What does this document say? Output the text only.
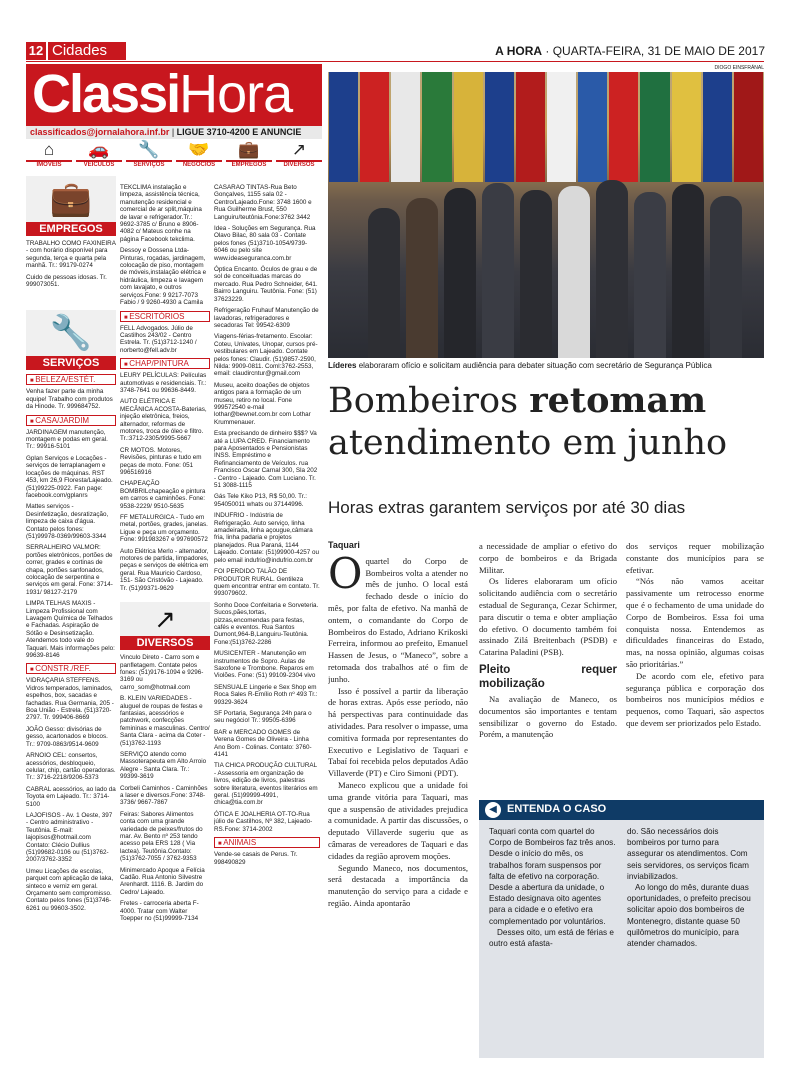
12 Cidades	A HORA · QUARTA-FEIRA, 31 DE MAIO DE 2017
ClassiHora
classificados@jornalahora.inf.br | LIGUE 3710-4200 E ANUNCIE
⌂
IMÓVEIS
🚗
VEÍCULOS
🔧
SERVIÇOS
🤝
NEGÓCIOS
💼
EMPREGOS
↗
DIVERSOS
💼
EMPREGOS

TRABALHO COMO FAXINEIRA - com horário disponível para segunda, terça e quarta pela manhã. Tr.: 99179-0274

Cuido de pessoas idosas. Tr. 999073051.

🔧
SERVIÇOS
■ BELEZA/ESTÉT.

Venha fazer parte da minha equipe! Trabalho com produtos da Hinode. Tr. 999684752.

■ CASA/JARDIM

JARDINAGEM manutenção, montagem e podas em geral. Tr.: 99916-5101

Gplan Serviços e Locações - serviços de terraplanagem e locações de máquinas. RST 453, km 26,9 Floresta/Lajeado. (51)99225-0922. Fan page: facebook.com/gplanrs

Mattes serviços - Desinfetização, desratização, limpeza de caixa d'água. Contato pelos fones: (51)99978-0369/99603-3344

SERRALHEIRO VALMOR: portões eletrônicos, portões de correr, grades e cortinas de chapa, portões sanfonados, colocação de serpentina e serviços em geral. Fone: 3714-1931/ 98127-2179

LIMPA TELHAS MAXIS - Limpeza Profissional com Lavagem Química de Telhados e Fachadas. Aspiração de Sótão e Desinsetização. Atendemos todo vale do Taquari. Mais informações pelo: 99639-8146

■ CONSTR./REF.

VIDRAÇARIA STEFFENS. Vidros temperados, laminados, espelhos, box, sacadas e fachadas. Rua Germania, 205 - Boa União - Estrela. (51)3720-2797. Tr. 999406-8669

JOÃO Gesso: divisórias de gesso, acartonados e blocos. Tr.: 9709-0863/9514-9609

ARNOIO CEL: consertos, acessórios, desbloqueio, celular, chip, cartão operadoras. Tr.: 3716-2218/9206-5373

CABRAL acessórios, ao lado da Toyota em Lajeado. Tr.: 3714-5100

LAJOFISOS - Av. 1 Oeste, 397 - Centro administrativo - Teutônia. E-mail: lajopisos@hotmail.com Contato: Clécio Dullius (51)99682-0106 ou (51)3762-2007/3762-3352

Umeu Licações de escolas, parquet com aplicação de laka, sinteco e verniz em geral. Orçamento sem compromisso. Contato pelos fones (51)3746-6261 ou 99603-3502.

TEKCLIMA instalação e limpeza, assistência técnica, manutenção residencial e comercial de ar split,máquina de lavar e refrigerador.Tr.: 9692-3785 c/ Bruno e 8906-4082 c/ Mateus conhe na página Facebook tekclima.

Dessoy e Dossena Ltda-Pinturas, roçadas, jardinagem, colocação de piso, montagem de móveis,instalação elétrica e hidráulica, limpeza e lavagem com lavajato, e outros serviços.Fone: 9 9217-7073 Fabio / 9 9260-4930 a Camila

■ ESCRITÓRIOS

FELL Advogados. Júlio de Castilhos 243/02 - Centro Estrela. Tr. (51)3712-1240 / norberto@fell.adv.br

■ CHAP/PINTURA

LEURY PELÍCULAS: Películas automotivas e residenciais. Tr.: 3748-7641 ou 99636-8449.

AUTO ELÉTRICA E MECÂNICA ACOSTA-Baterias, injeção eletrônica, freios, alternador, reformas de motores, troca de óleo e filtro. Tr.:3712-2305/9995-5667

CR MOTOS. Motores, Revisões, pinturas e tudo em peças de moto. Fone: 051 996516916

CHAPEAÇÃO BOMBRILchapeação e pintura em carros e caminhões. Fone: 9538-2229/ 9510-5635

FF METALURGICA - Tudo em metal, portões, grades, janelas. Ligue e peça um orçamento. Fone: 991983267 e 997690572

Auto Elétrica Merlo - alternador, motores de partida, limpadores, peças e serviços de elétrica em geral. Rua Mauricio Cardoso, 151- São Cristóvão - Lajeado. Tr. (51)99371-9629

↗
DIVERSOS

Vinculo Direto - Carro som e panfletagem. Contate pelos fones: (51)9176-1094 e 9296-3169 ou carro_som@hotmail.com

B. KLEIN VARIEDADES - aluguel de roupas de festas e fantasias, acessórios e patchwork, confecções femininas e masculinas. Centro/ Santa Clara - acima da Coter - (51)3762-1193

SERVIÇO atendo como Massoterapeuta em Alto Arroio Alegre - Santa Clara. Tr.: 99399-3619

Corbeli Caminhos - Caminhões a laser e diversos.Fone: 3748-3736/ 9667-7867

Feiras: Sabores Alimentos conta com uma grande variedade de peixes/frutos do mar. Av. Bento nº 253 tendo acesso pela ERS 128 ( Via lactea). Teutônia.Contato: (51)3762-7055 / 3762-9353

Minimercado Apoque a Felícia Cadão. Rua Antonio Silvestre Arenhardt. 1116. B. Jardim do Cedro/ Lajeado.

Fretes - carroceria aberta F-4000. Tratar com Walter Toepper no (51)99999-7134

CASARÃO TINTAS-Rua Beto Gonçalves, 1155 sala 02 - Centro/Lajeado.Fone: 3748 1600 e Rua Guilherme Brust, 550 Languiru/teutônia.Fone:3762 3442

Idea - Soluções em Segurança. Rua Olavo Bilac, 80 sala 03 - Contate pelos fones (51)3710-1054/9739-6046 ou pelo site www.ideaseguranca.com.br

Óptica Encanto. Óculos de grau e de sol de conceituadas marcas do mercado. Rua Pedro Schneider, 641. Bairro Languiru. Teutônia. Fone: (51) 37623229.

Refrigeração Fruhauf Manutenção de lavadoras, refrigeradores e secadoras Tel: 99542-6309

Viagens-férias-fretamento. Escolar: Coteu, Univates, Unopar, cursos pré-vestibulares em Lajeado. Contate pelos fones: Claudir. (51)9857-2590, Nilda: 9909-0811. Coml:3762-2553, email: claudircntur@gmail.com

Museu, aceito doações de objetos antigos para a formação de um museu, retiro no local. Fone 999572540 e-mail lothar@bewnet.com.br com Lothar Krummenauer.

Esta precisando de dinheiro $$$? Va até a LUPA CRED. Financiamento para Aposentados e Pensionistas INSS. Empréstimo e Refinanciamento de Veículos. rua Francisco Oscar Carnal 300, Sla 202 - Centro - Lajeado. Com Luciano. Tr. 51 3088-1115

Gás Tele Kiko P13, R$ 50,00. Tr.: 954050011 whats ou 37144996.

INDUFRIO - Indústria de Refrigeração. Auto serviço, linha amadeirada, linha açougue,câmara fria, linha padaria e projetos planejados. Rua Paraná, 1144 Lajeado. Contate: (51)99900-4257 ou pelo email indufrio@indufrio.com.br

FOI PERDIDO TALÃO DE PRODUTOR RURAL. Gentileza quem encontrar entrar em contato. Tr. 993079602.

Sonho Doce Confeitaria e Sorveteria. Sucos,pães,tortas, pizzas,encomendas para festas, cafés e eventos. Rua Santos Dumont,964-B,Languiru-Teutônia. Fone:(51)3762-2286

MUSICENTER - Manutenção em instrumentos de Sopro. Aulas de Saxofone e Trombone. Reparos em Violões. Fone: (51) 99109-2304 vivo

SENSUALE Lingerie e Sex Shop em Roca Sales R-Emílio Roth nº 493 Tr.: 99329-3624

SF Portaria, Segurança 24h para o seu negócio! Tr.: 99505-6396

BAR e MERCADO GOMES de Verena Gomes de Oliveira - Linha Ano Bom - Colinas. Contato: 3760-4141

TIA CHICA PRODUÇÃO CULTURAL - Assessoria em organização de livros, edição de livros, palestras sobre literatura, eventos literários em geral. (51)99999-4991, chica@tia.com.br

ÓTICA E JOALHERIA OT-TO-Rua júlio de Castilhos, Nº 382, Lajeado-RS.Fone: 3714-2002

■ ANIMAIS

Vende-se casais de Perus. Tr. 998490829

DIOGO EINSFRÁNAL
Líderes elaboraram ofício e solicitam audiência para debater situação com secretário de Segurança Pública
Bombeiros retomam
atendimento em junho
Horas extras garantem serviços por até 30 dias
Taquari

Oquartel do Corpo de Bombeiros volta a atender no mês de junho. O local está fechado desde o início do mês, por falta de efetivo. Na manhã de ontem, o comandante do Corpo de Bombeiros do Estado, Adriano Krikoski Ferreira, informou ao prefeito, Emanuel Hassen de Jesus, o “Maneco”, sobre a retomada dos trabalhos até o fim de junho.

Isso é possível a partir da liberação de horas extras. Após esse período, não há perspectivas para continuidade das atividades. Para resolver o impasse, uma comitiva formada por representantes do Executivo e Legislativo de Taquari e Tabaí foi recebida pelos deputados Adão Villaverde (PT) e Ciro Simoni (PDT).

Maneco explicou que a unidade foi uma grande vitória para Taquari, mas que a suspensão de atividades prejudica a comunidade. A partir das discussões, o deputado Villaverde sugeriu que as câmaras de vereadores de Taquari e das cidades da região aprovem moções.

Segundo Maneco, nos documentos, será destacada a importância da manutenção do serviço para a cidade e região. Ainda apontarão

a necessidade de ampliar o efetivo do corpo de bombeiros e da Brigada Militar.

Os líderes elaboraram um ofício solicitando audiência com o secretário estadual de Segurança, Cezar Schirmer, para discutir o tema e obter ampliação do efetivo. O documento também foi assinado Zilá Breitenbach (PSDB) e Catarina Paladini (PSB).

Pleito requer mobilização

Na avaliação de Maneco, os documentos são importantes e tentam sensibilizar o governo do Estado. Porém, a manutenção

dos serviços requer mobilização constante dos municípios para se efetivar.

“Nós não vamos aceitar passivamente um retrocesso enorme que é o fechamento de uma unidade do Corpo de Bombeiros. Essa foi uma conquista nossa. Entendemos as dificuldades financeiras do Estado, mas, na nossa opinião, algumas coisas são prioritárias.”

De acordo com ele, efetivo para segurança pública e corporação dos bombeiros nos municípios médios e pequenos, como Taquari, são aspectos que devem ser priorizados pelo Estado.

◀ ENTENDA O CASO

Taquari conta com quartel do Corpo de Bombeiros faz três anos. Desde o início do mês, os trabalhos foram suspensos por falta de efetivo na corporação. Desde a abertura da unidade, o Estado designava oito agentes para a cidade e o efetivo era complementado por voluntários.

Desses oito, um está de férias e outro está afasta-

do. São necessários dois bombeiros por turno para assegurar os atendimentos. Com seis servidores, os serviços ficam inviabilizados.

Ao longo do mês, durante duas oportunidades, o prefeito precisou solicitar apoio dos bombeiros de Montenegro, distante quase 50 quilômetros do município, para atender chamados.
